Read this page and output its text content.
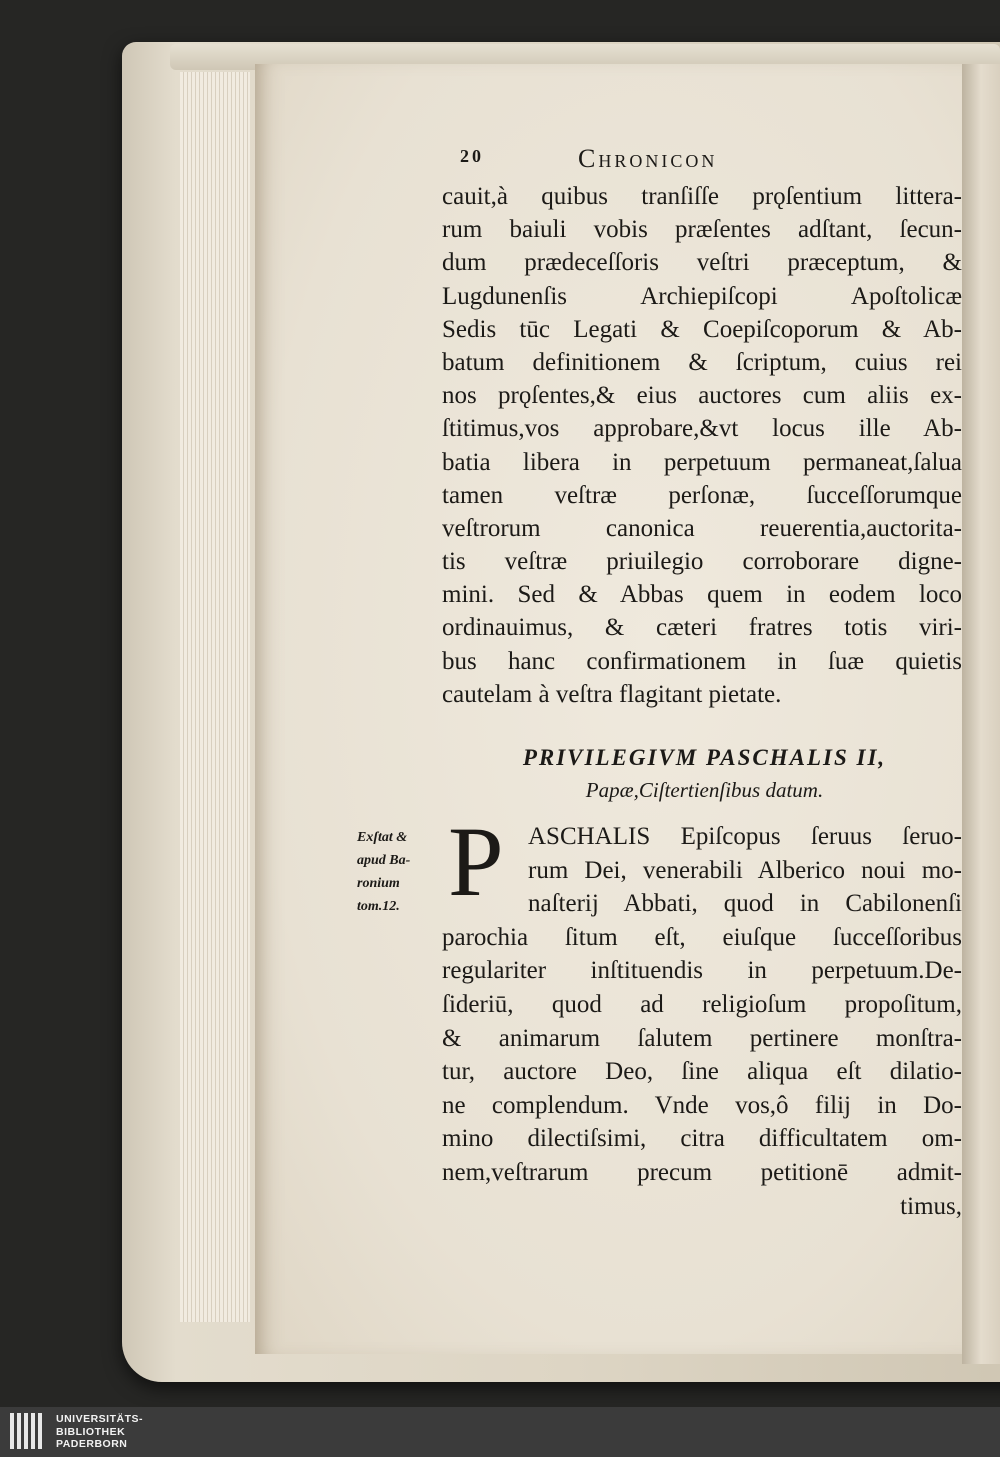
20	Chronicon
cauit,à quibus tranſiſſe prǫſentium littera-
rum baiuli vobis præſentes adſtant, ſecun-
dum prædeceſſoris veſtri præceptum, &
Lugdunenſis Archiepiſcopi Apoſtolicæ
Sedis tūc Legati & Coepiſcoporum & Ab-
batum definitionem & ſcriptum, cuius rei
nos prǫſentes,& eius auctores cum aliis ex-
ſtitimus,vos approbare,&vt locus ille Ab-
batia libera in perpetuum permaneat,ſalua
tamen veſtræ perſonæ, ſucceſſorumque
veſtrorum canonica reuerentia,auctorita-
tis veſtræ priuilegio corroborare digne-
mini. Sed & Abbas quem in eodem loco
ordinauimus, & cæteri fratres totis viri-
bus hanc confirmationem in ſuæ quietis
cautelam à veſtra flagitant pietate.
PRIVILEGIVM PASCHALIS II,
Papæ,Ciſtertienſibus datum.
Exſtat &
apud Ba-
ronium
tom.12. P ASCHALIS Epiſcopus ſeruus ſeruo-
rum Dei, venerabili Alberico noui mo-
naſterij Abbati, quod in Cabilonenſi
parochia ſitum eſt, eiuſque ſucceſſoribus
regulariter inſtituendis in perpetuum.De-
ſideriū, quod ad religioſum propoſitum,
& animarum ſalutem pertinere monſtra-
tur, auctore Deo, ſine aliqua eſt dilatio-
ne complendum. Vnde vos,ô filij in Do-
mino dilectiſsimi, citra difficultatem om-
nem,veſtrarum precum petitionē admit-
timus,
UNIVERSITÄTS-
BIBLIOTHEK
PADERBORN
